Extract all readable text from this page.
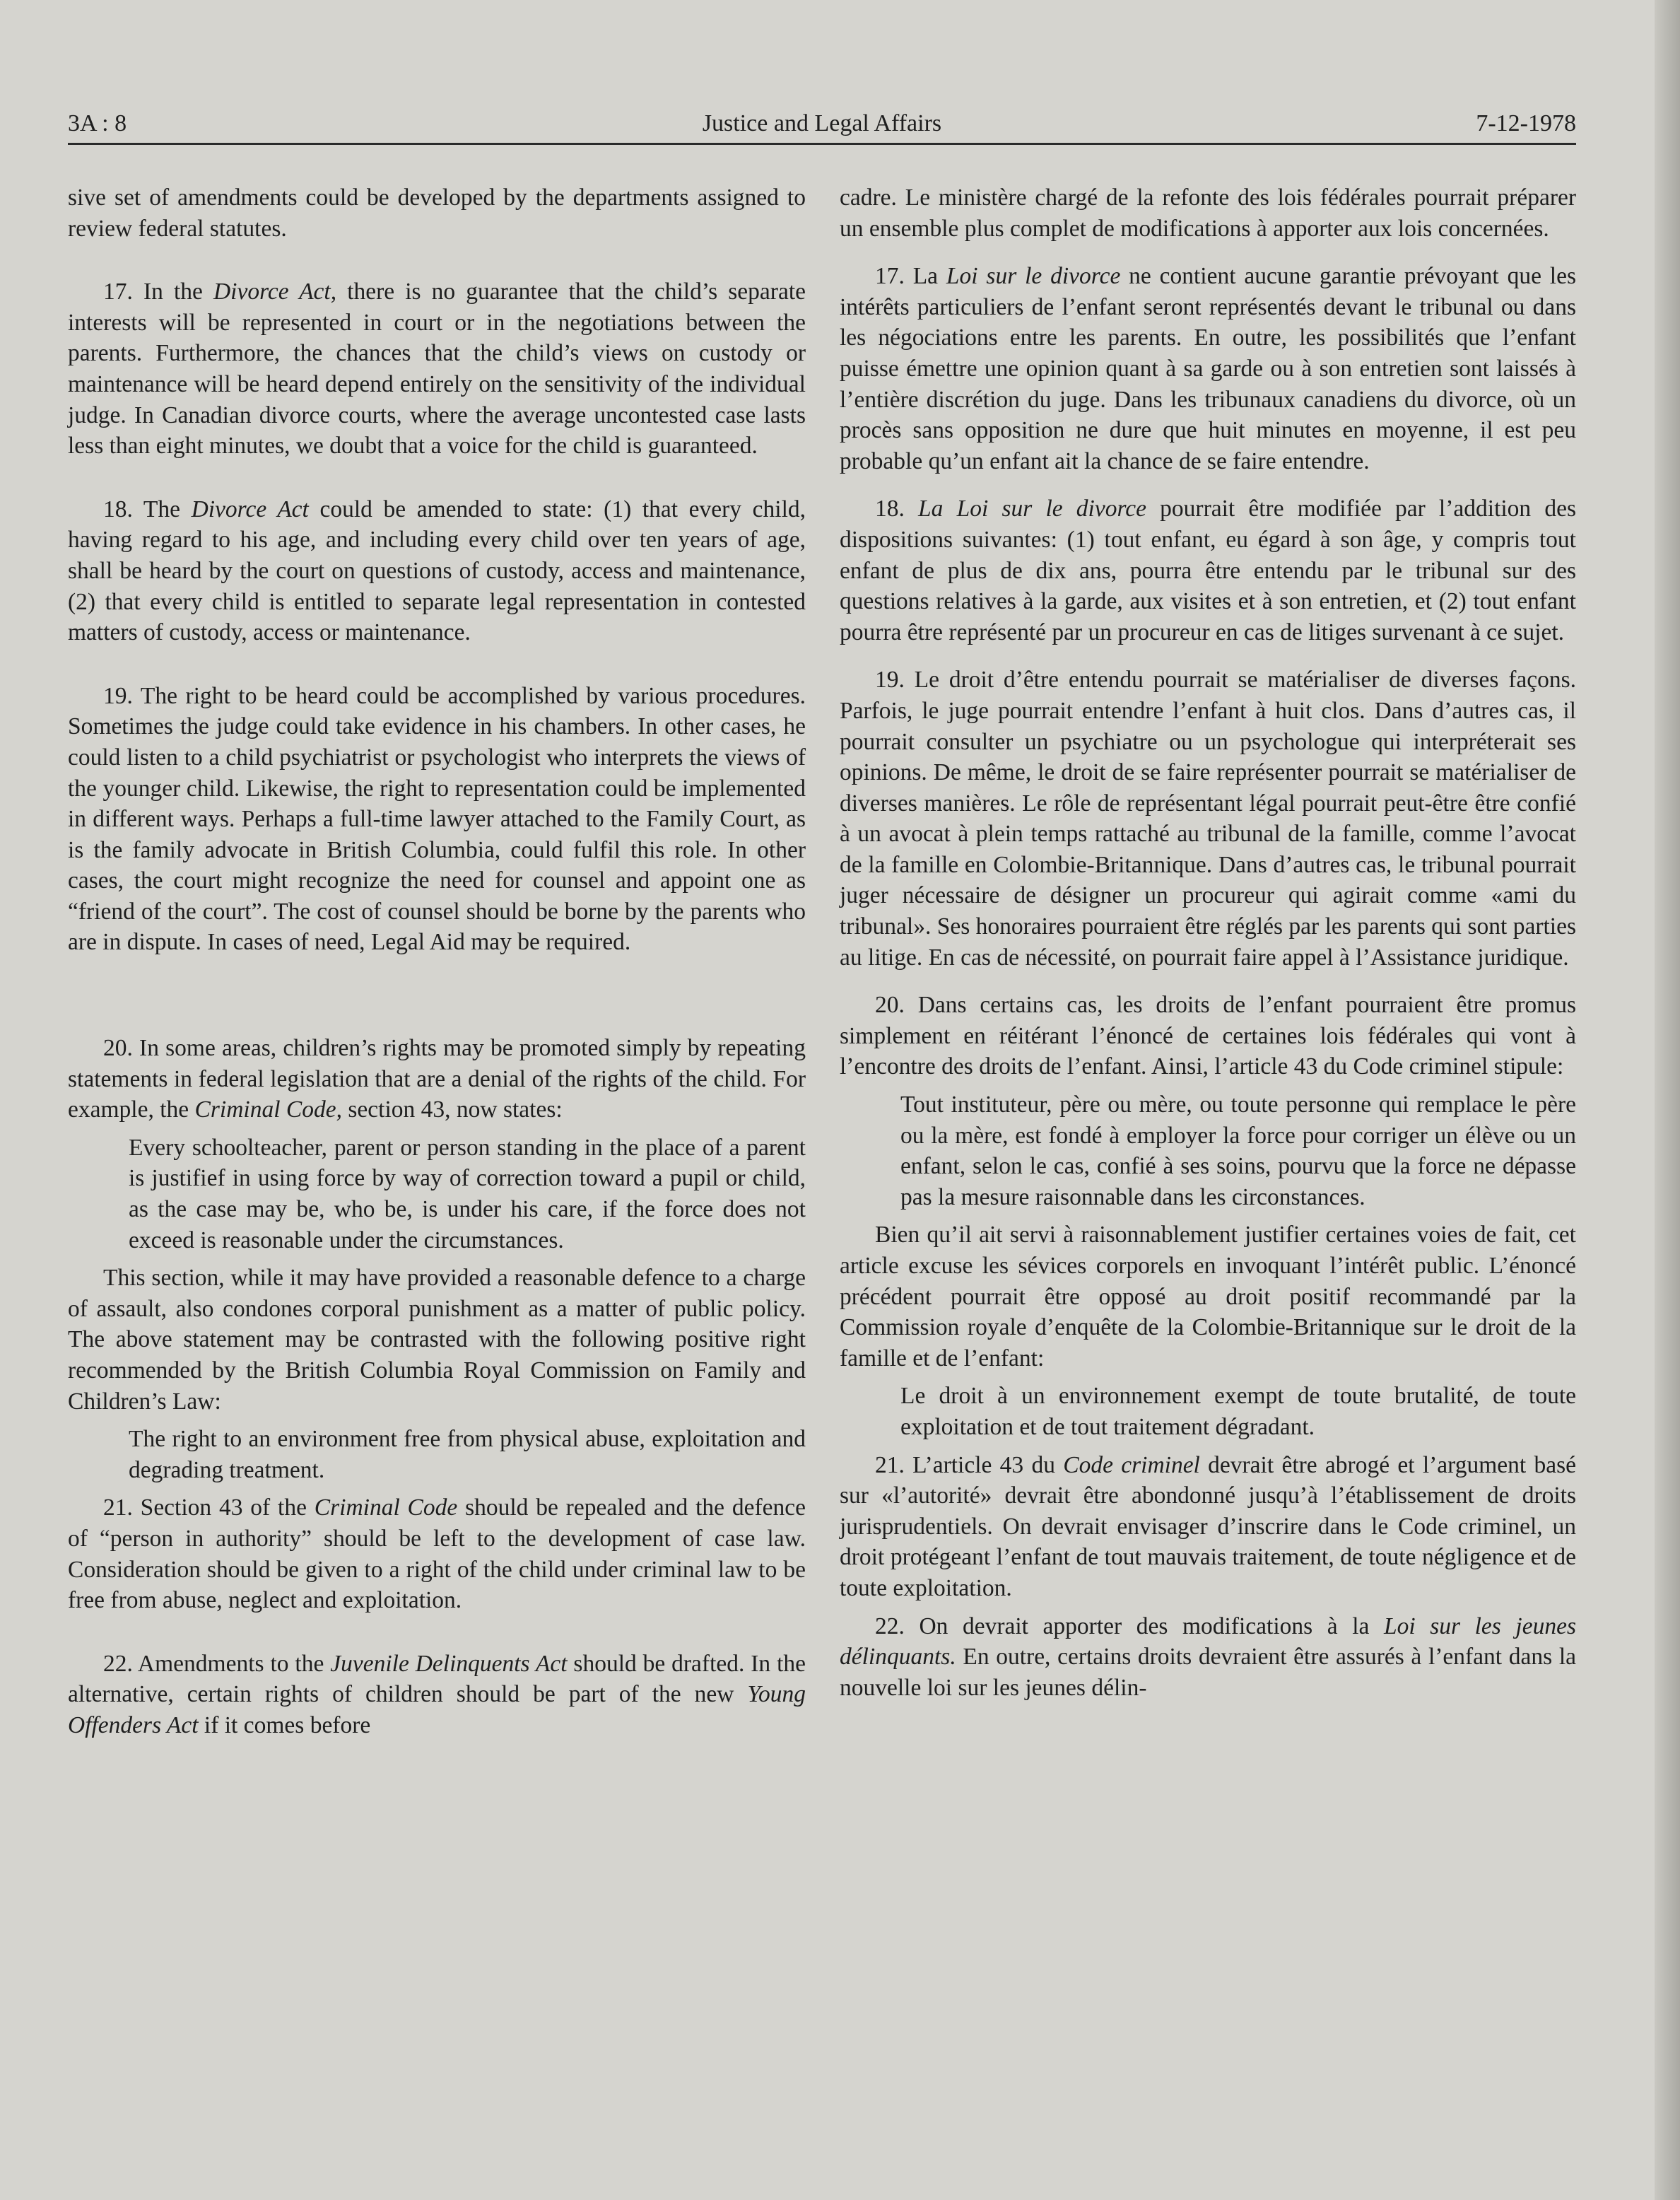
3A : 8	Justice and Legal Affairs	7-12-1978

sive set of amendments could be developed by the departments assigned to review federal statutes.

17. In the Divorce Act, there is no guarantee that the child’s separate interests will be represented in court or in the negotiations between the parents. Furthermore, the chances that the child’s views on custody or maintenance will be heard depend entirely on the sensitivity of the individual judge. In Canadian divorce courts, where the average uncontested case lasts less than eight minutes, we doubt that a voice for the child is guaranteed.

18. The Divorce Act could be amended to state: (1) that every child, having regard to his age, and including every child over ten years of age, shall be heard by the court on questions of custody, access and maintenance, (2) that every child is entitled to separate legal representation in contested matters of custody, access or maintenance.

19. The right to be heard could be accomplished by various procedures. Sometimes the judge could take evidence in his chambers. In other cases, he could listen to a child psychiatrist or psychologist who interprets the views of the younger child. Likewise, the right to representation could be implemented in different ways. Perhaps a full-time lawyer attached to the Family Court, as is the family advocate in British Columbia, could fulfil this role. In other cases, the court might recognize the need for counsel and appoint one as “friend of the court”. The cost of counsel should be borne by the parents who are in dispute. In cases of need, Legal Aid may be required.

20. In some areas, children’s rights may be promoted simply by repeating statements in federal legislation that are a denial of the rights of the child. For example, the Criminal Code, section 43, now states:

Every schoolteacher, parent or person standing in the place of a parent is justifief in using force by way of correction toward a pupil or child, as the case may be, who be, is under his care, if the force does not exceed is reasonable under the circumstances.

This section, while it may have provided a reasonable defence to a charge of assault, also condones corporal punishment as a matter of public policy. The above statement may be contrasted with the following positive right recommended by the British Columbia Royal Commission on Family and Children’s Law:

The right to an environment free from physical abuse, exploitation and degrading treatment.

21. Section 43 of the Criminal Code should be repealed and the defence of “person in authority” should be left to the development of case law. Consideration should be given to a right of the child under criminal law to be free from abuse, neglect and exploitation.

22. Amendments to the Juvenile Delinquents Act should be drafted. In the alternative, certain rights of children should be part of the new Young Offenders Act if it comes before

cadre. Le ministère chargé de la refonte des lois fédérales pourrait préparer un ensemble plus complet de modifications à apporter aux lois concernées.

17. La Loi sur le divorce ne contient aucune garantie prévoyant que les intérêts particuliers de l’enfant seront représentés devant le tribunal ou dans les négociations entre les parents. En outre, les possibilités que l’enfant puisse émettre une opinion quant à sa garde ou à son entretien sont laissés à l’entière discrétion du juge. Dans les tribunaux canadiens du divorce, où un procès sans opposition ne dure que huit minutes en moyenne, il est peu probable qu’un enfant ait la chance de se faire entendre.

18. La Loi sur le divorce pourrait être modifiée par l’addition des dispositions suivantes: (1) tout enfant, eu égard à son âge, y compris tout enfant de plus de dix ans, pourra être entendu par le tribunal sur des questions relatives à la garde, aux visites et à son entretien, et (2) tout enfant pourra être représenté par un procureur en cas de litiges survenant à ce sujet.

19. Le droit d’être entendu pourrait se matérialiser de diverses façons. Parfois, le juge pourrait entendre l’enfant à huit clos. Dans d’autres cas, il pourrait consulter un psychiatre ou un psychologue qui interpréterait ses opinions. De même, le droit de se faire représenter pourrait se matérialiser de diverses manières. Le rôle de représentant légal pourrait peut-être être confié à un avocat à plein temps rattaché au tribunal de la famille, comme l’avocat de la famille en Colombie-Britannique. Dans d’autres cas, le tribunal pourrait juger nécessaire de désigner un procureur qui agirait comme «ami du tribunal». Ses honoraires pourraient être réglés par les parents qui sont parties au litige. En cas de nécessité, on pourrait faire appel à l’Assistance juridique.

20. Dans certains cas, les droits de l’enfant pourraient être promus simplement en réitérant l’énoncé de certaines lois fédérales qui vont à l’encontre des droits de l’enfant. Ainsi, l’article 43 du Code criminel stipule:

Tout instituteur, père ou mère, ou toute personne qui remplace le père ou la mère, est fondé à employer la force pour corriger un élève ou un enfant, selon le cas, confié à ses soins, pourvu que la force ne dépasse pas la mesure raisonnable dans les circonstances.

Bien qu’il ait servi à raisonnablement justifier certaines voies de fait, cet article excuse les sévices corporels en invoquant l’intérêt public. L’énoncé précédent pourrait être opposé au droit positif recommandé par la Commission royale d’enquête de la Colombie-Britannique sur le droit de la famille et de l’enfant:

Le droit à un environnement exempt de toute brutalité, de toute exploitation et de tout traitement dégradant.

21. L’article 43 du Code criminel devrait être abrogé et l’argument basé sur «l’autorité» devrait être abondonné jusqu’à l’établissement de droits jurisprudentiels. On devrait envisager d’inscrire dans le Code criminel, un droit protégeant l’enfant de tout mauvais traitement, de toute négligence et de toute exploitation.

22. On devrait apporter des modifications à la Loi sur les jeunes délinquants. En outre, certains droits devraient être assurés à l’enfant dans la nouvelle loi sur les jeunes délin-
